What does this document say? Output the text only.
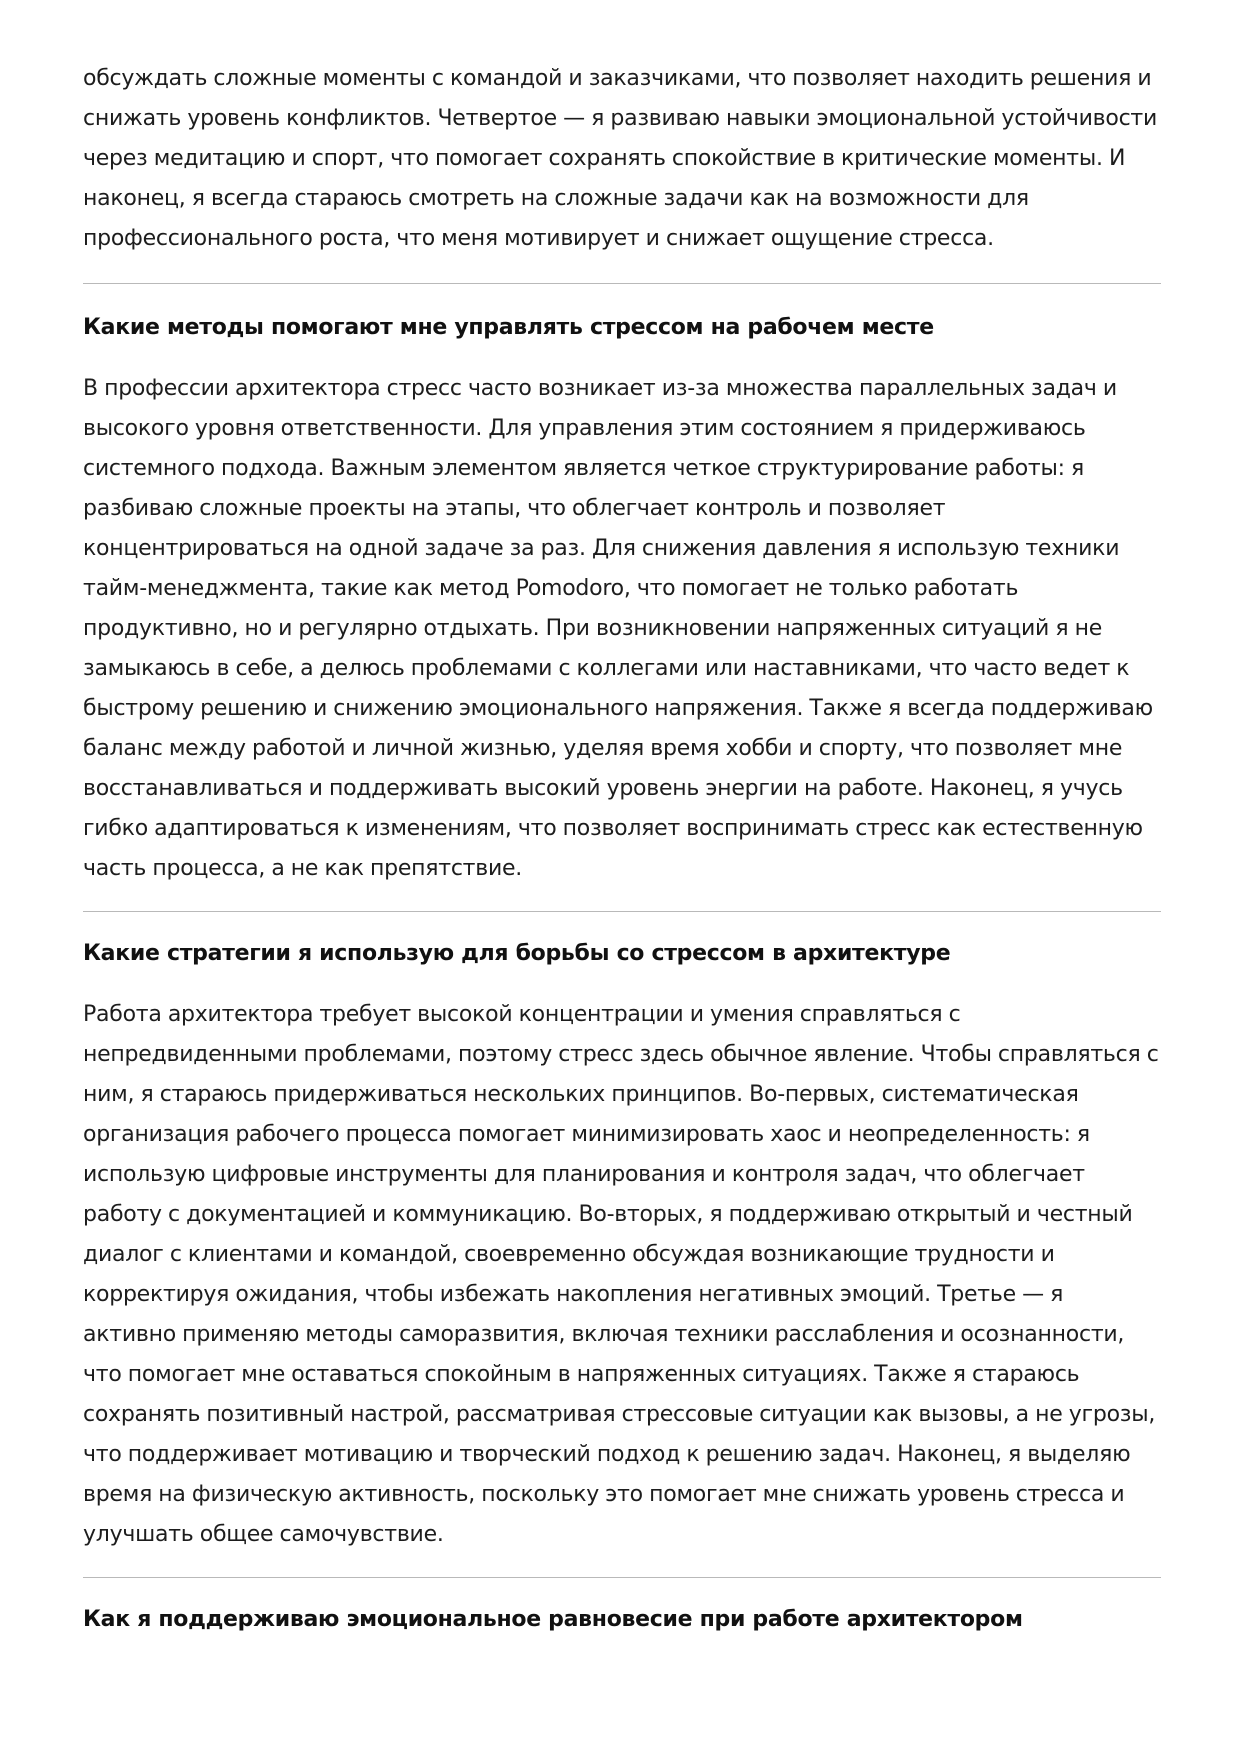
обсуждать сложные моменты с командой и заказчиками, что позволяет находить решения и снижать уровень конфликтов. Четвертое — я развиваю навыки эмоциональной устойчивости через медитацию и спорт, что помогает сохранять спокойствие в критические моменты. И наконец, я всегда стараюсь смотреть на сложные задачи как на возможности для профессионального роста, что меня мотивирует и снижает ощущение стресса.

Какие методы помогают мне управлять стрессом на рабочем месте

В профессии архитектора стресс часто возникает из-за множества параллельных задач и высокого уровня ответственности. Для управления этим состоянием я придерживаюсь системного подхода. Важным элементом является четкое структурирование работы: я разбиваю сложные проекты на этапы, что облегчает контроль и позволяет концентрироваться на одной задаче за раз. Для снижения давления я использую техники тайм-менеджмента, такие как метод Pomodoro, что помогает не только работать продуктивно, но и регулярно отдыхать. При возникновении напряженных ситуаций я не замыкаюсь в себе, а делюсь проблемами с коллегами или наставниками, что часто ведет к быстрому решению и снижению эмоционального напряжения. Также я всегда поддерживаю баланс между работой и личной жизнью, уделяя время хобби и спорту, что позволяет мне восстанавливаться и поддерживать высокий уровень энергии на работе. Наконец, я учусь гибко адаптироваться к изменениям, что позволяет воспринимать стресс как естественную часть процесса, а не как препятствие.

Какие стратегии я использую для борьбы со стрессом в архитектуре

Работа архитектора требует высокой концентрации и умения справляться с непредвиденными проблемами, поэтому стресс здесь обычное явление. Чтобы справляться с ним, я стараюсь придерживаться нескольких принципов. Во-первых, систематическая организация рабочего процесса помогает минимизировать хаос и неопределенность: я использую цифровые инструменты для планирования и контроля задач, что облегчает работу с документацией и коммуникацию. Во-вторых, я поддерживаю открытый и честный диалог с клиентами и командой, своевременно обсуждая возникающие трудности и корректируя ожидания, чтобы избежать накопления негативных эмоций. Третье — я активно применяю методы саморазвития, включая техники расслабления и осознанности, что помогает мне оставаться спокойным в напряженных ситуациях. Также я стараюсь сохранять позитивный настрой, рассматривая стрессовые ситуации как вызовы, а не угрозы, что поддерживает мотивацию и творческий подход к решению задач. Наконец, я выделяю время на физическую активность, поскольку это помогает мне снижать уровень стресса и улучшать общее самочувствие.

Как я поддерживаю эмоциональное равновесие при работе архитектором
